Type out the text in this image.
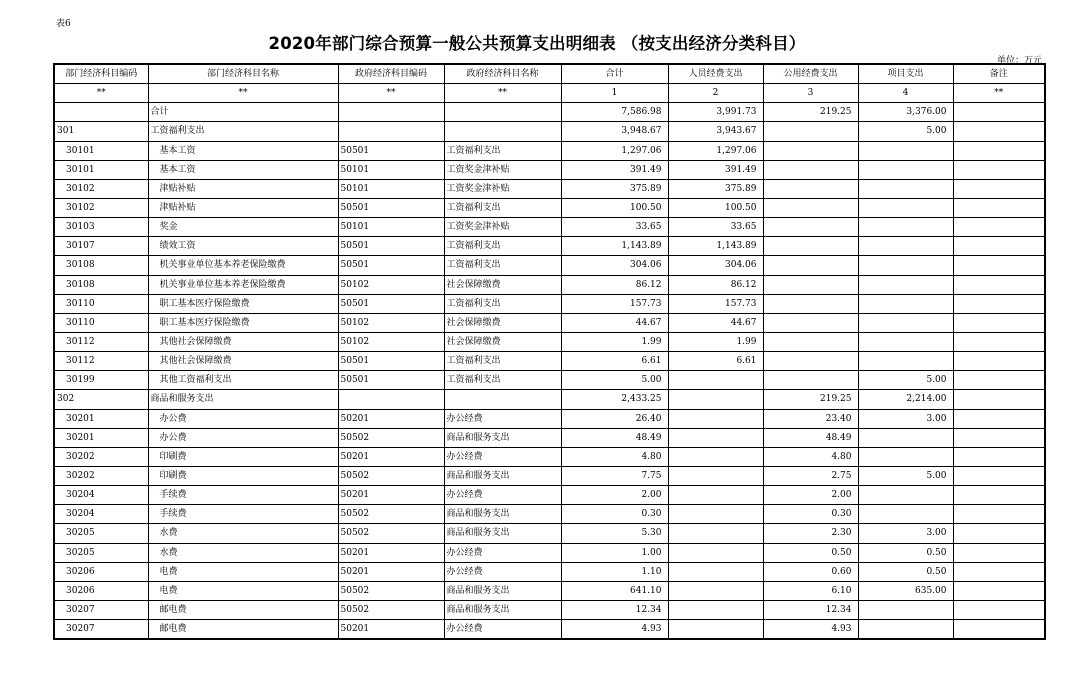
表6
2020年部门综合预算一般公共预算支出明细表 （按支出经济分类科目）
单位：万元
部门经济科目编码	部门经济科目名称	政府经济科目编码	政府经济科目名称	合计	人员经费支出	公用经费支出	项目支出	备注
**	**	**	**	1	2	3	4	**
	合计			7,586.98	3,991.73	219.25	3,376.00	
301	工资福利支出			3,948.67	3,943.67		5.00	
30101	基本工资	50501	工资福利支出	1,297.06	1,297.06			
30101	基本工资	50101	工资奖金津补贴	391.49	391.49			
30102	津贴补贴	50101	工资奖金津补贴	375.89	375.89			
30102	津贴补贴	50501	工资福利支出	100.50	100.50			
30103	奖金	50101	工资奖金津补贴	33.65	33.65			
30107	绩效工资	50501	工资福利支出	1,143.89	1,143.89			
30108	机关事业单位基本养老保险缴费	50501	工资福利支出	304.06	304.06			
30108	机关事业单位基本养老保险缴费	50102	社会保障缴费	86.12	86.12			
30110	职工基本医疗保险缴费	50501	工资福利支出	157.73	157.73			
30110	职工基本医疗保险缴费	50102	社会保障缴费	44.67	44.67			
30112	其他社会保障缴费	50102	社会保障缴费	1.99	1.99			
30112	其他社会保障缴费	50501	工资福利支出	6.61	6.61			
30199	其他工资福利支出	50501	工资福利支出	5.00			5.00	
302	商品和服务支出			2,433.25		219.25	2,214.00	
30201	办公费	50201	办公经费	26.40		23.40	3.00	
30201	办公费	50502	商品和服务支出	48.49		48.49		
30202	印刷费	50201	办公经费	4.80		4.80		
30202	印刷费	50502	商品和服务支出	7.75		2.75	5.00	
30204	手续费	50201	办公经费	2.00		2.00		
30204	手续费	50502	商品和服务支出	0.30		0.30		
30205	水费	50502	商品和服务支出	5.30		2.30	3.00	
30205	水费	50201	办公经费	1.00		0.50	0.50	
30206	电费	50201	办公经费	1.10		0.60	0.50	
30206	电费	50502	商品和服务支出	641.10		6.10	635.00	
30207	邮电费	50502	商品和服务支出	12.34		12.34		
30207	邮电费	50201	办公经费	4.93		4.93		
